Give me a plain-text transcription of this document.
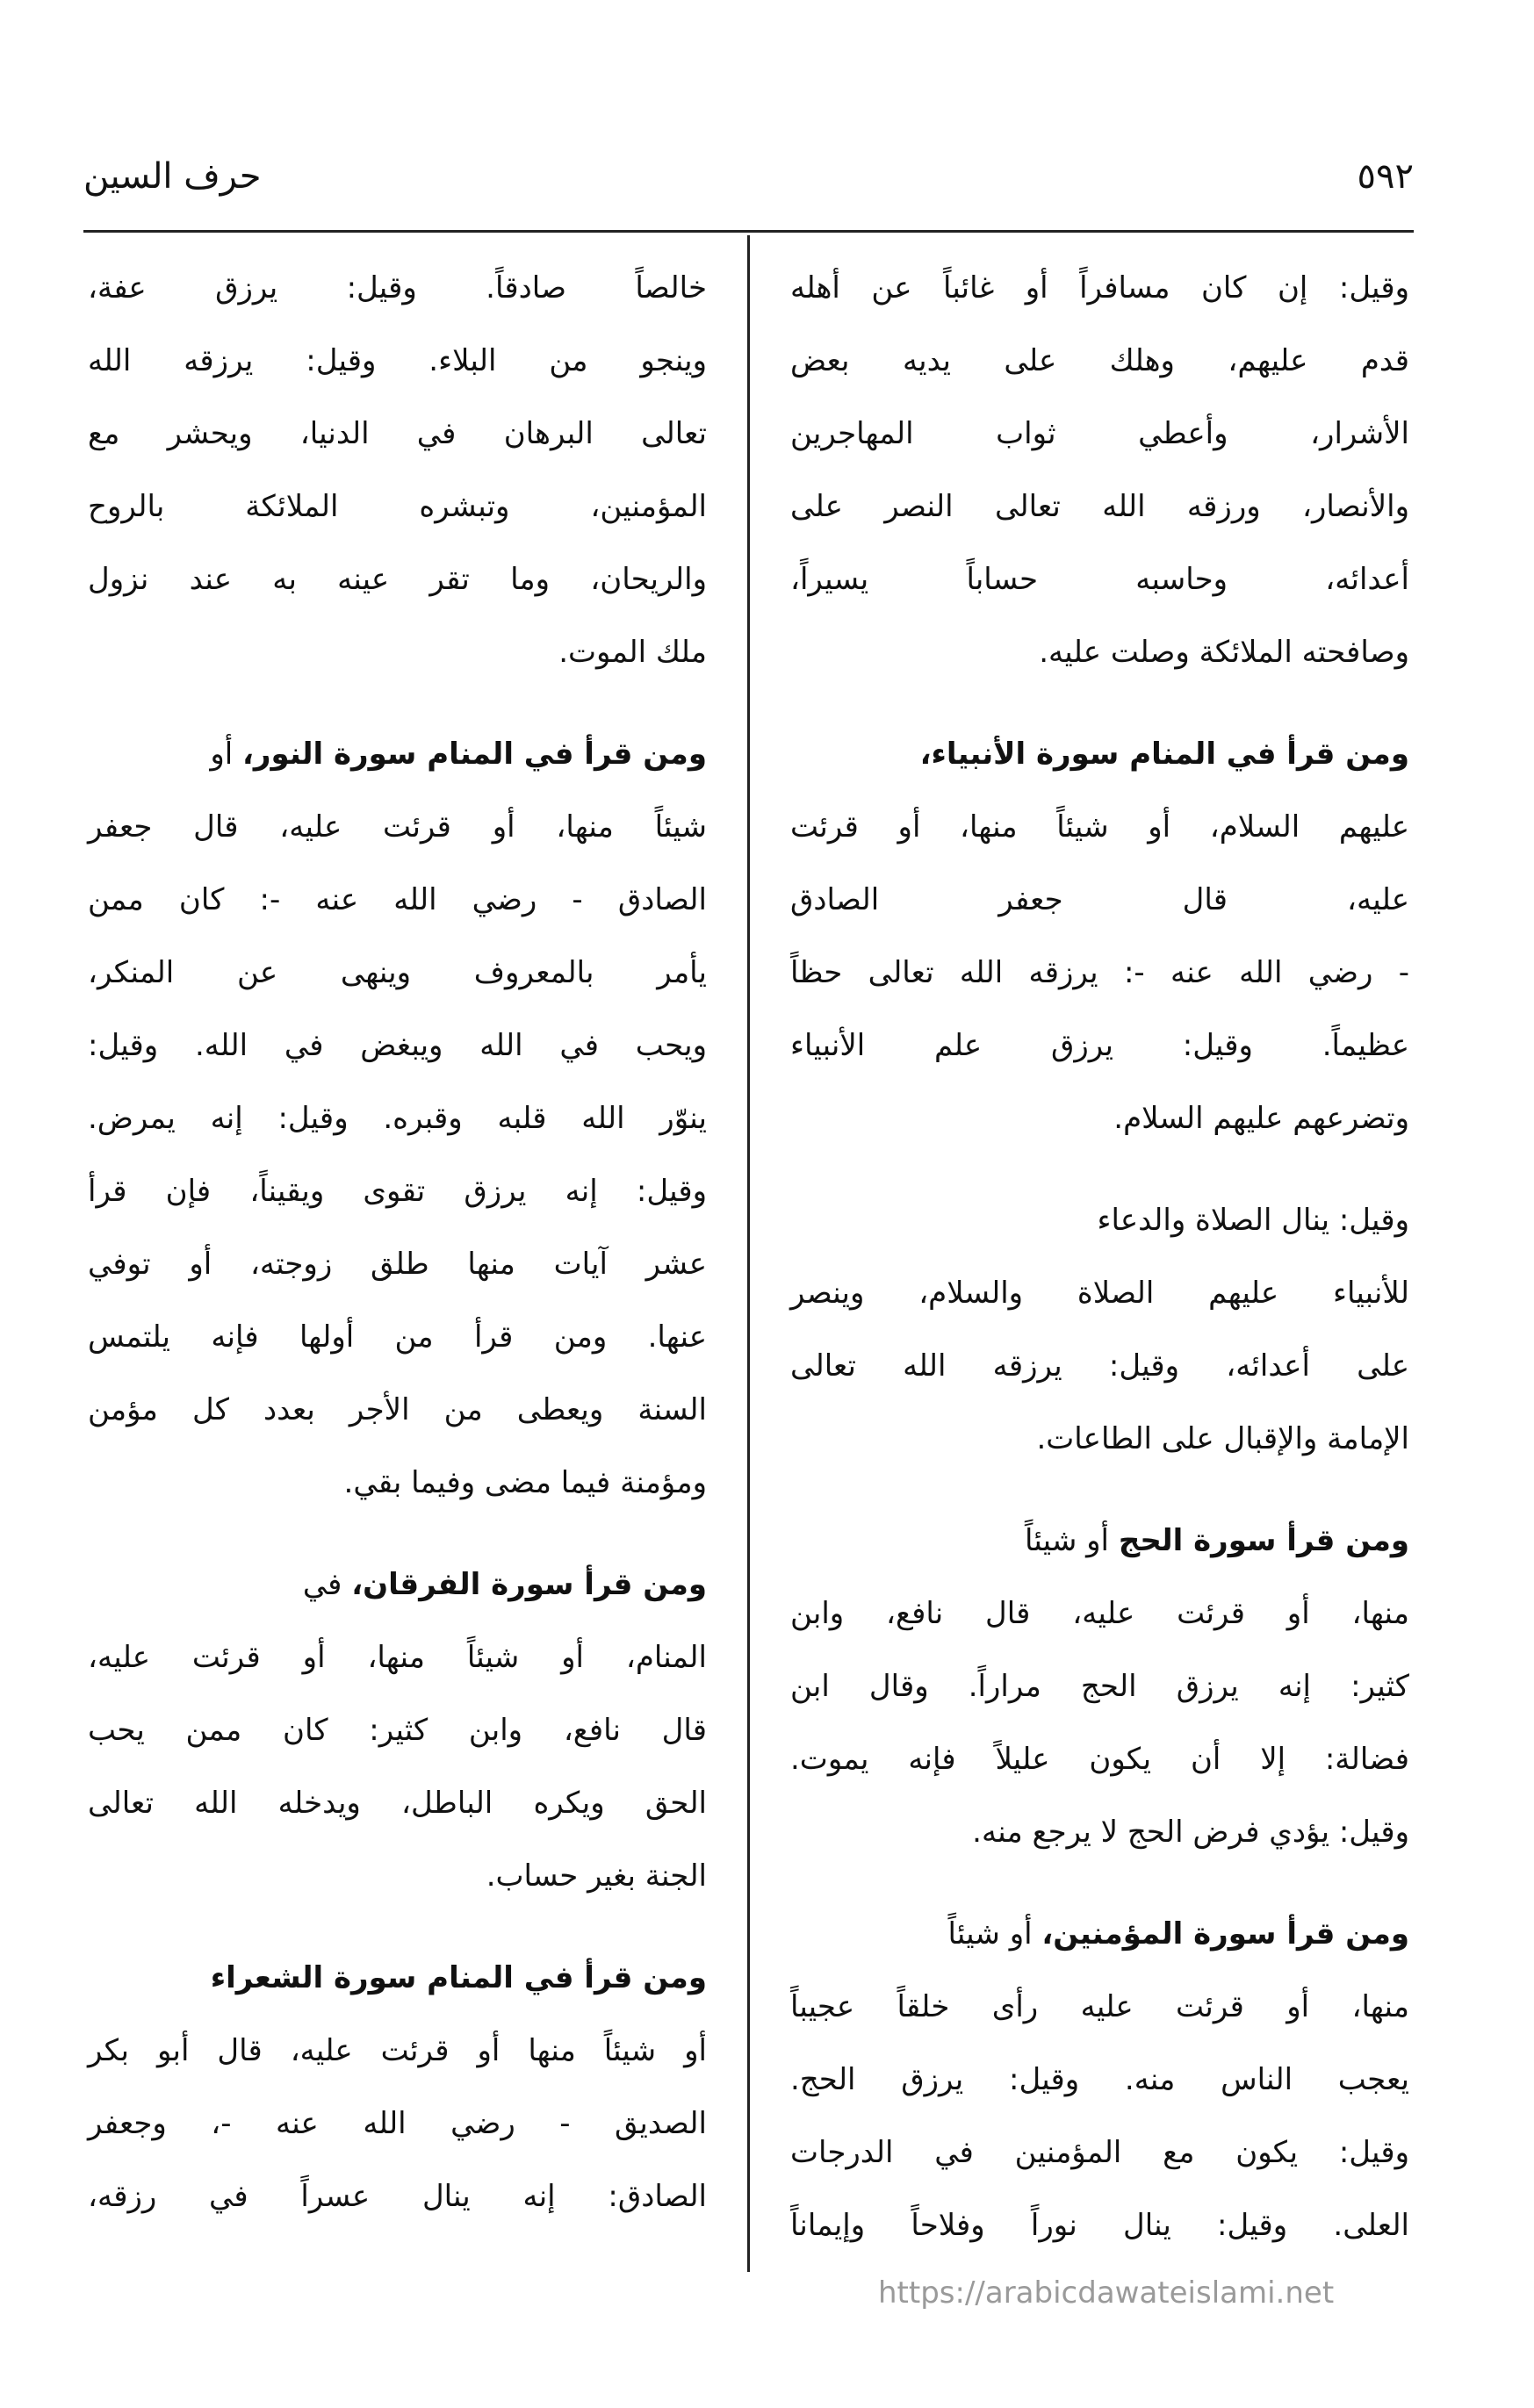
٥٩٢
حرف السين
وقيل: إن كان مسافراً أو غائباً عن أهله
قدم عليهم، وهلك على يديه بعض
الأشرار، وأعطي ثواب المهاجرين
والأنصار، ورزقه الله تعالى النصر على
أعدائه، وحاسبه حساباً يسيراً،
وصافحته الملائكة وصلت عليه.
ومن قرأ في المنام سورة الأنبياء،
عليهم السلام، أو شيئاً منها، أو قرئت
عليه، قال جعفر الصادق
- رضي الله عنه -: يرزقه الله تعالى حظاً
عظيماً. وقيل: يرزق علم الأنبياء
وتضرعهم عليهم السلام.
وقيل: ينال الصلاة والدعاء
للأنبياء عليهم الصلاة والسلام، وينصر
على أعدائه، وقيل: يرزقه الله تعالى
الإمامة والإقبال على الطاعات.
ومن قرأ سورة الحج أو شيئاً
منها، أو قرئت عليه، قال نافع، وابن
كثير: إنه يرزق الحج مراراً. وقال ابن
فضالة: إلا أن يكون عليلاً فإنه يموت.
وقيل: يؤدي فرض الحج لا يرجع منه.
ومن قرأ سورة المؤمنين، أو شيئاً
منها، أو قرئت عليه رأى خلقاً عجيباً
يعجب الناس منه. وقيل: يرزق الحج.
وقيل: يكون مع المؤمنين في الدرجات
العلى. وقيل: ينال نوراً وفلاحاً وإيماناً
خالصاً صادقاً. وقيل: يرزق عفة،
وينجو من البلاء. وقيل: يرزقه الله
تعالى البرهان في الدنيا، ويحشر مع
المؤمنين، وتبشره الملائكة بالروح
والريحان، وما تقر عينه به عند نزول
ملك الموت.
ومن قرأ في المنام سورة النور، أو
شيئاً منها، أو قرئت عليه، قال جعفر
الصادق - رضي الله عنه -: كان ممن
يأمر بالمعروف وينهى عن المنكر،
ويحب في الله ويبغض في الله. وقيل:
ينوّر الله قلبه وقبره. وقيل: إنه يمرض.
وقيل: إنه يرزق تقوى ويقيناً، فإن قرأ
عشر آيات منها طلق زوجته، أو توفي
عنها. ومن قرأ من أولها فإنه يلتمس
السنة ويعطى من الأجر بعدد كل مؤمن
ومؤمنة فيما مضى وفيما بقي.
ومن قرأ سورة الفرقان، في
المنام، أو شيئاً منها، أو قرئت عليه،
قال نافع، وابن كثير: كان ممن يحب
الحق ويكره الباطل، ويدخله الله تعالى
الجنة بغير حساب.
ومن قرأ في المنام سورة الشعراء
أو شيئاً منها أو قرئت عليه، قال أبو بكر
الصديق - رضي الله عنه -، وجعفر
الصادق: إنه ينال عسراً في رزقه،
https://arabicdawateislami.net
